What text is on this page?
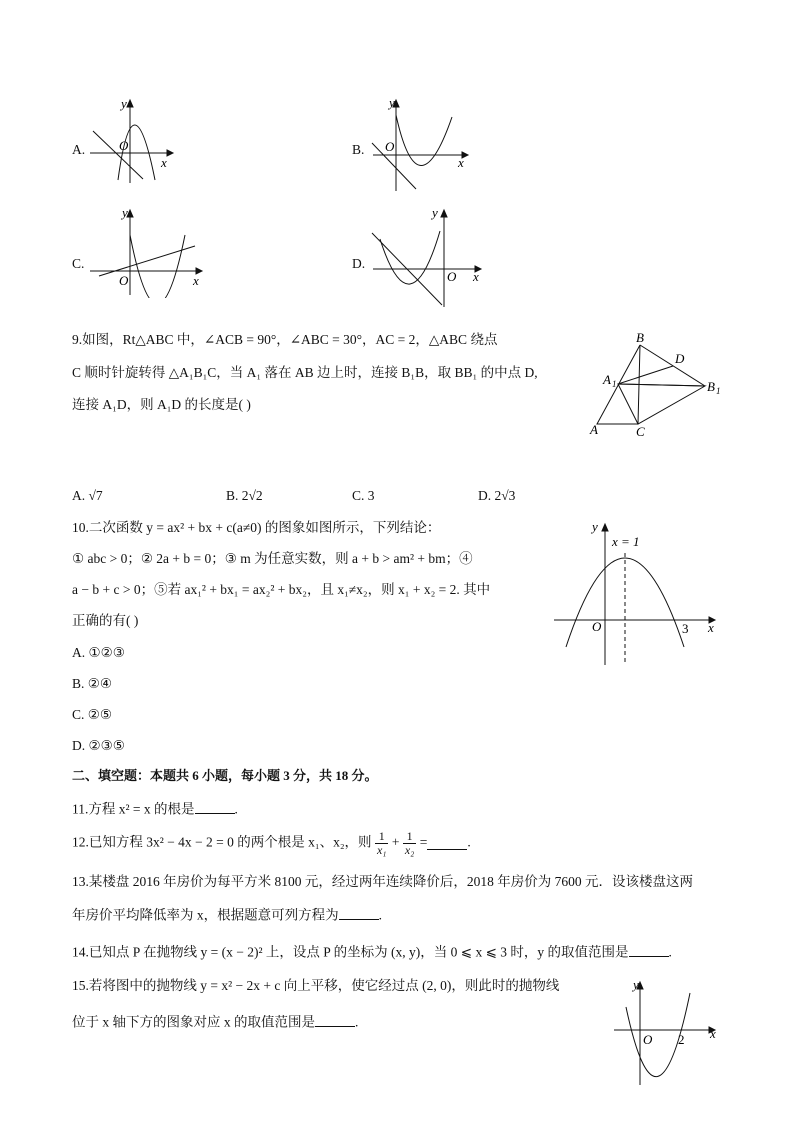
A.	O
x
y
B. O
x
y
C.
O	x
y
D.
O x
y
9.如图，Rt△ABC 中，∠ACB = 90°，∠ABC = 30°，AC = 2，△ABC 绕点
C 顺时针旋转得 △A₁B₁C，当 A₁ 落在 AB 边上时，连接 B₁B，取 BB₁ 的中点 D,
连接 A₁D，则 A₁D 的长度是( )
B
D
A 1	B 1
A	C
A. √7	B. 2√2	C. 3	D. 2√3
10.二次函数 y = ax² + bx + c(a≠0) 的图象如图所示，下列结论：
① abc > 0；② 2a + b = 0；③ m 为任意实数，则 a + b > am² + bm；④
a − b + c > 0；⑤若 ax₁² + bx₁ = ax₂² + bx₂，且 x₁≠x₂，则 x₁ + x₂ = 2. 其中
正确的有( )
y
x
O
x = 1
3
A. ①②③
B. ②④
C. ②⑤
D. ②③⑤
二、填空题：本题共 6 小题，每小题 3 分，共 18 分。
11.方程 x² = x 的根是	.
12.已知方程 3x² − 4x − 2 = 0 的两个根是 x₁、x₂，则 $\frac{1}{\text{x₁}} + \frac{1}{\text{x₂}}$ =	.
13.某楼盘 2016 年房价为每平方米 8100 元，经过两年连续降价后，2018 年房价为 7600 元．设该楼盘这两
年房价平均降低率为 x，根据题意可列方程为	.
14.已知点 P 在抛物线 y = (x − 2)² 上，设点 P 的坐标为 (x, y)，当 0 ⩽ x ⩽ 3 时，y 的取值范围是	.
15.若将图中的抛物线 y = x² − 2x + c 向上平移，使它经过点 (2, 0)，则此时的抛物线
位于 x 轴下方的图象对应 x 的取值范围是	.
y
x
O 2
